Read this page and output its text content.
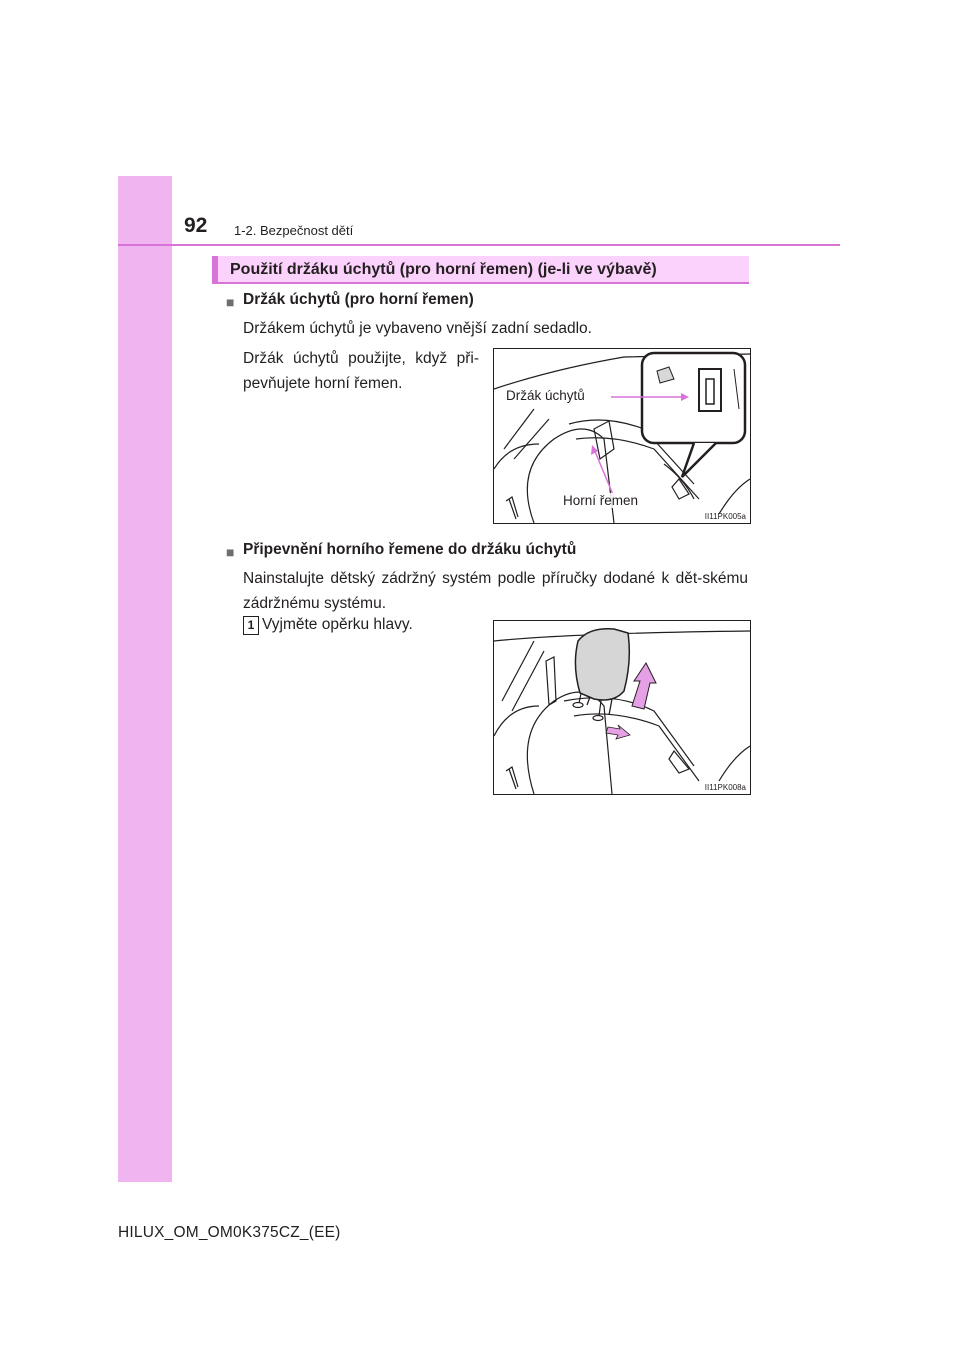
92 1-2. Bezpečnost dětí
Použití držáku úchytů (pro horní řemen) (je-li ve výbavě)
■ Držák úchytů (pro horní řemen)
Držákem úchytů je vybaveno vnější zadní sedadlo.
Držák úchytů použijte, když při-pevňujete horní řemen.
Držák úchytů
Horní řemen
II11PK005a
■ Připevnění horního řemene do držáku úchytů
Nainstalujte dětský zádržný systém podle příručky dodané k dět-skému zádržnému systému.
1 Vyjměte opěrku hlavy.
II11PK008a
HILUX_OM_OM0K375CZ_(EE)
